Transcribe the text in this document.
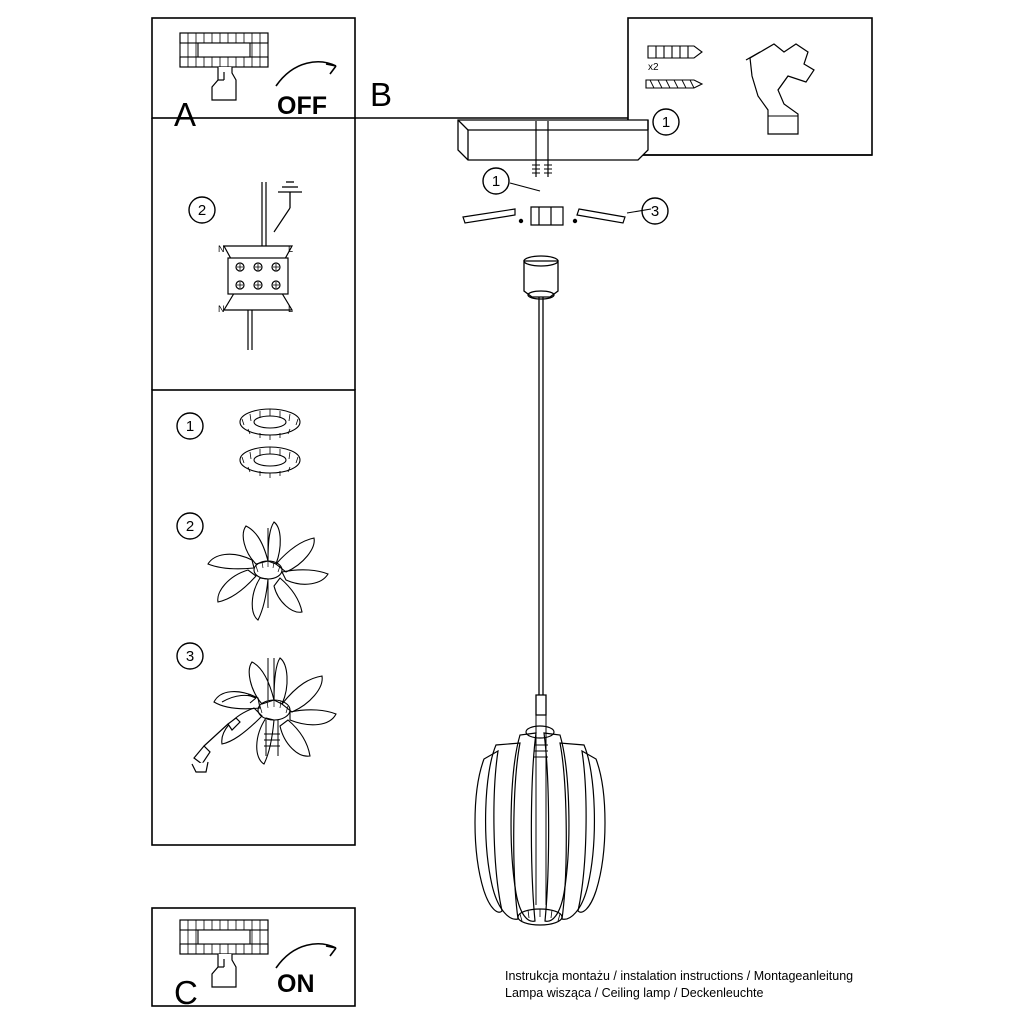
A	OFF B
x2
1
1
3
2
N	L
N	L
1
2
3
C	ON	Instrukcja montażu / instalation instructions / Montageanleitung
Lampa wisząca / Ceiling lamp / Deckenleuchte
